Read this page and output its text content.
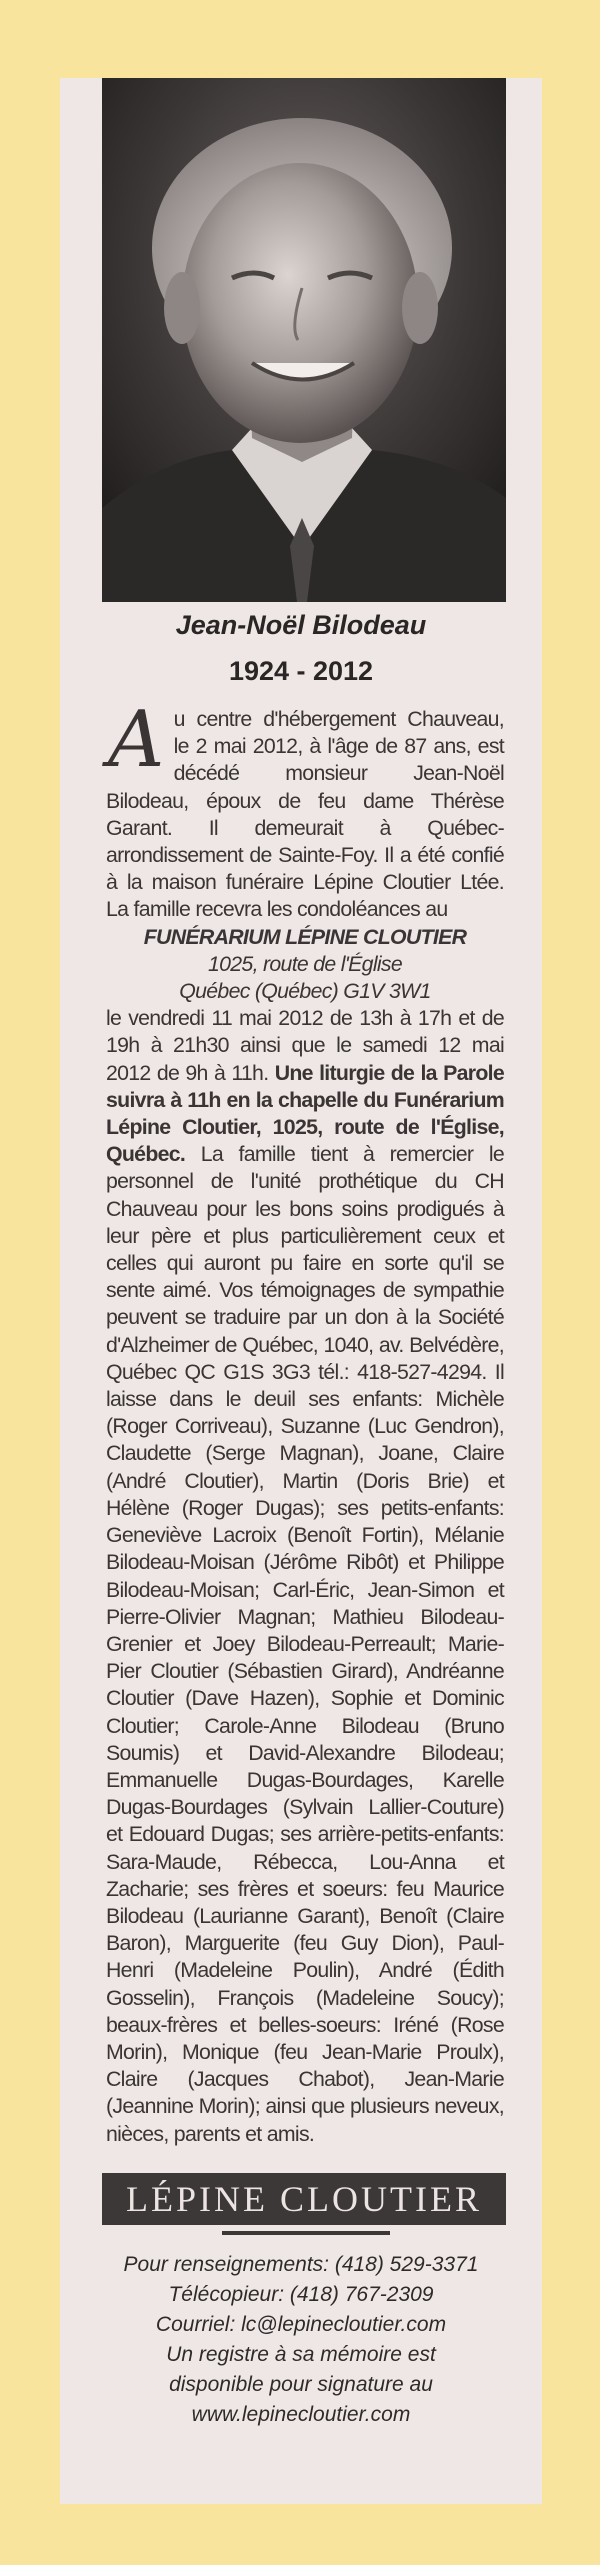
Jean-Noël Bilodeau
1924 - 2012

Au centre d'hébergement Chauveau, le 2 mai 2012, à l'âge de 87 ans, est décédé monsieur Jean-Noël Bilodeau, époux de feu dame Thérèse Garant. Il demeurait à Québec-arrondissement de Sainte-Foy. Il a été confié à la maison funéraire Lépine Cloutier Ltée. La famille recevra les condoléances au

FUNÉRARIUM LÉPINE CLOUTIER

1025, route de l'Église

Québec (Québec) G1V 3W1

le vendredi 11 mai 2012 de 13h à 17h et de 19h à 21h30 ainsi que le samedi 12 mai 2012 de 9h à 11h. Une liturgie de la Parole suivra à 11h en la chapelle du Funérarium Lépine Cloutier, 1025, route de l'Église, Québec. La famille tient à remercier le personnel de l'unité prothétique du CH Chauveau pour les bons soins prodigués à leur père et plus particulièrement ceux et celles qui auront pu faire en sorte qu'il se sente aimé. Vos témoignages de sympathie peuvent se traduire par un don à la Société d'Alzheimer de Québec, 1040, av. Belvédère, Québec QC G1S 3G3 tél.: 418-527-4294. Il laisse dans le deuil ses enfants: Michèle (Roger Corriveau), Suzanne (Luc Gendron), Claudette (Serge Magnan), Joane, Claire (André Cloutier), Martin (Doris Brie) et Hélène (Roger Dugas); ses petits-enfants: Geneviève Lacroix (Benoît Fortin), Mélanie Bilodeau-Moisan (Jérôme Ribôt) et Philippe Bilodeau-Moisan; Carl-Éric, Jean-Simon et Pierre-Olivier Magnan; Mathieu Bilodeau-Grenier et Joey Bilodeau-Perreault; Marie-Pier Cloutier (Sébastien Girard), Andréanne Cloutier (Dave Hazen), Sophie et Dominic Cloutier; Carole-Anne Bilodeau (Bruno Soumis) et David-Alexandre Bilodeau; Emmanuelle Dugas-Bourdages, Karelle Dugas-Bourdages (Sylvain Lallier-Couture) et Edouard Dugas; ses arrière-petits-enfants: Sara-Maude, Rébecca, Lou-Anna et Zacharie; ses frères et soeurs: feu Maurice Bilodeau (Laurianne Garant), Benoît (Claire Baron), Marguerite (feu Guy Dion), Paul-Henri (Madeleine Poulin), André (Édith Gosselin), François (Madeleine Soucy); beaux-frères et belles-soeurs: Iréné (Rose Morin), Monique (feu Jean-Marie Proulx), Claire (Jacques Chabot), Jean-Marie (Jeannine Morin); ainsi que plusieurs neveux, nièces, parents et amis.

LÉPINE CLOUTIER
Pour renseignements: (418) 529-3371
Télécopieur: (418) 767-2309
Courriel: lc@lepinecloutier.com
Un registre à sa mémoire est
disponible pour signature au
www.lepinecloutier.com
